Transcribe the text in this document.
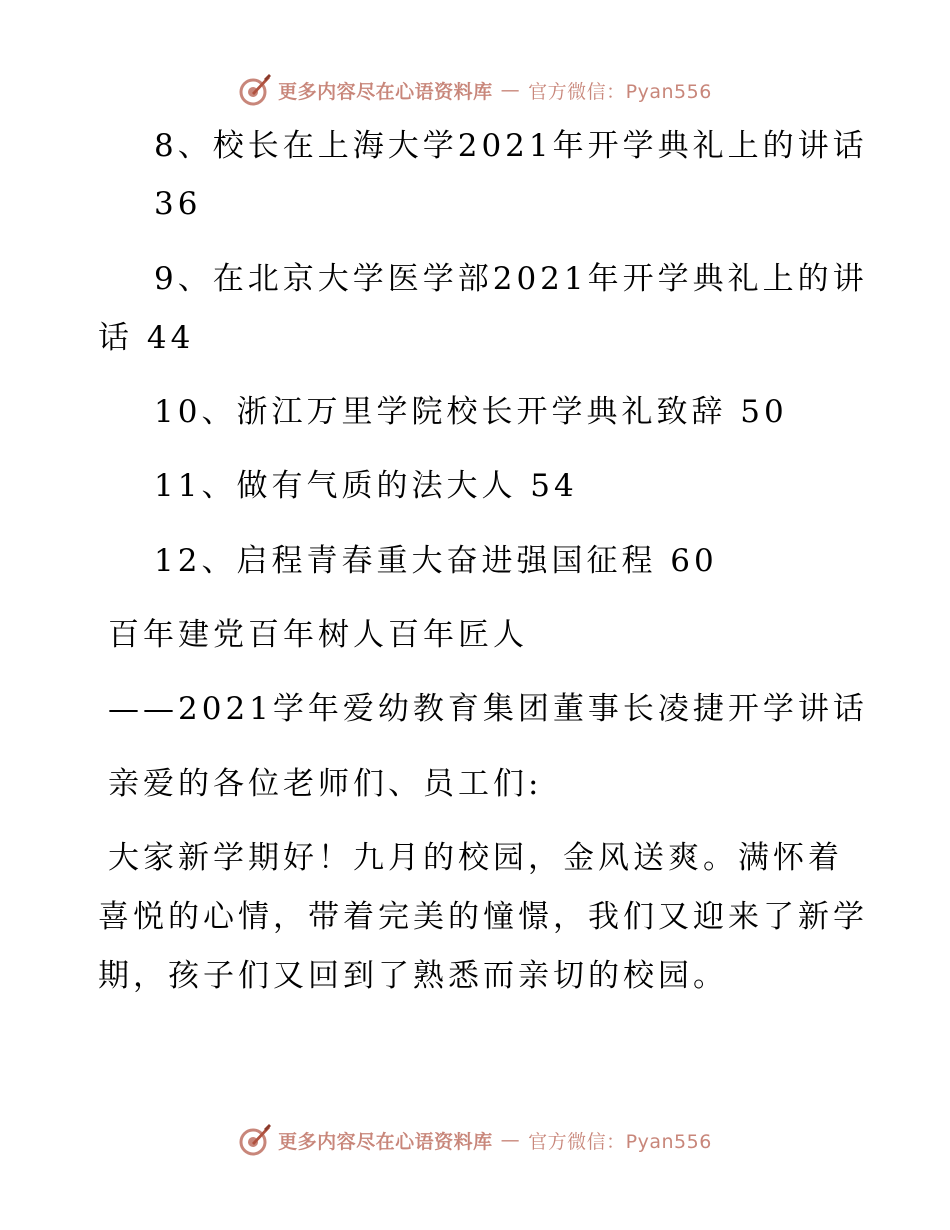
更多内容尽在心语资料库 — 官方微信：Pyan556
8、校长在上海大学2021年开学典礼上的讲话
36
9、在北京大学医学部2021年开学典礼上的讲
话 44
10、浙江万里学院校长开学典礼致辞 50
11、做有气质的法大人 54
12、启程青春重大奋进强国征程 60
百年建党百年树人百年匠人
——2021学年爱幼教育集团董事长凌捷开学讲话
亲爱的各位老师们、员工们:
大家新学期好！九月的校园，金风送爽。满怀着
喜悦的心情，带着完美的憧憬，我们又迎来了新学
期，孩子们又回到了熟悉而亲切的校园。
更多内容尽在心语资料库 — 官方微信：Pyan556
